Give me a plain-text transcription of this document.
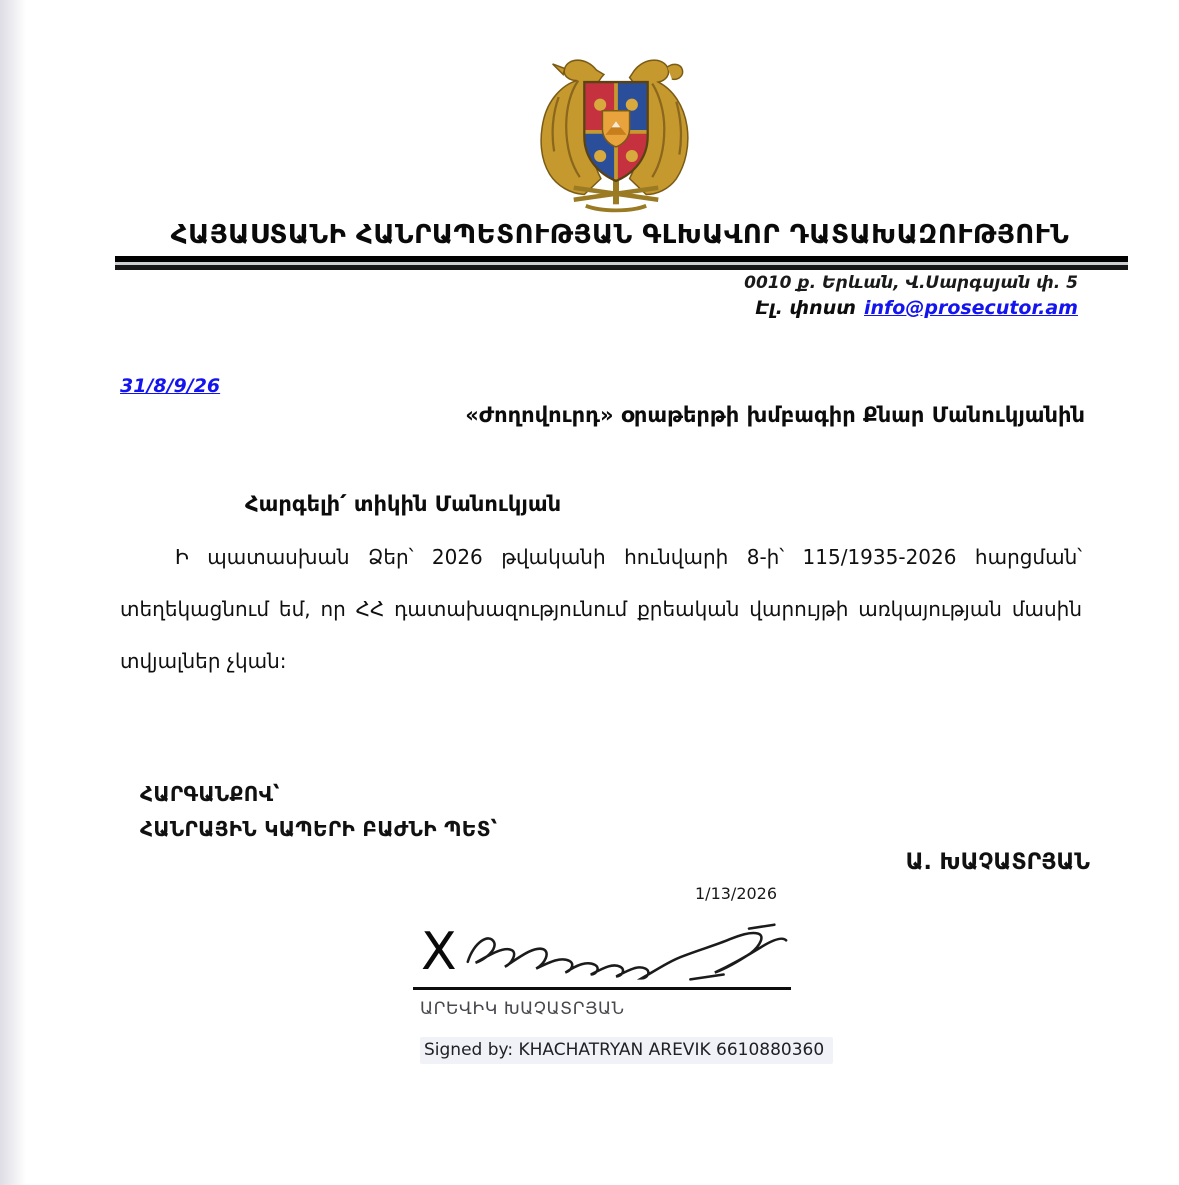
ՀԱՅԱՍՏԱՆԻ ՀԱՆՐԱՊԵՏՈՒԹՅԱՆ ԳԼԽԱՎՈՐ ԴԱՏԱԽԱԶՈՒԹՅՈՒՆ
0010 ք. Երևան, Վ.Սարգսյան փ. 5
Էլ. փոստ info@prosecutor.am
31/8/9/26
«Ժողովուրդ» օրաթերթի խմբագիր Քնար Մանուկյանին
Հարգելի՛ տիկին Մանուկյան
Ի պատասխան Ձեր՝ 2026 թվականի հունվարի 8-ի՝ 115/1935-2026 հարցման՝
տեղեկացնում եմ, որ ՀՀ դատախազությունում քրեական վարույթի առկայության մասին
տվյալներ չկան:
ՀԱՐԳԱՆՔՈՎ՝
ՀԱՆՐԱՅԻՆ ԿԱՊԵՐԻ ԲԱԺՆԻ ՊԵՏ՝
Ա. ԽԱՉԱՏՐՅԱՆ
1/13/2026
X
ԱՐԵՎԻԿ ԽԱՉԱՏՐՅԱՆ
Signed by: KHACHATRYAN AREVIK 6610880360
